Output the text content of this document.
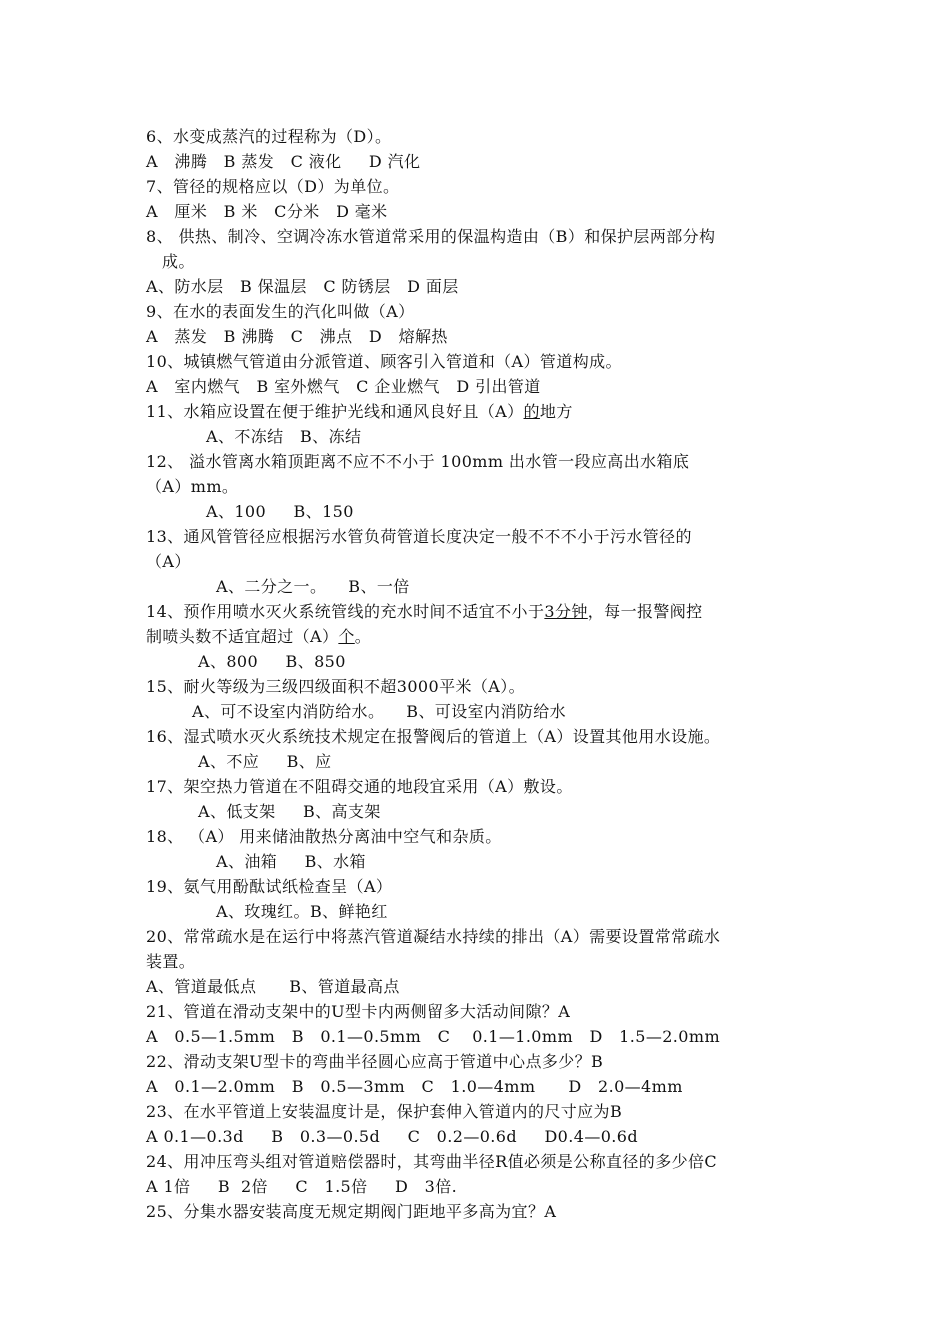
6、水变成蒸汽的过程称为（D）。
A   沸腾   B 蒸发   C 液化     D 汽化
7、管径的规格应以（D）为单位。
A   厘米   B 米   C分米   D 毫米
8、 供热、制冷、空调冷冻水管道常采用的保温构造由（B）和保护层两部分构
成。
A、防水层   B 保温层   C 防锈层   D 面层
9、在水的表面发生的汽化叫做（A）
A   蒸发   B 沸腾   C   沸点   D   熔解热
10、城镇燃气管道由分派管道、顾客引入管道和（A）管道构成。
A   室内燃气   B 室外燃气   C 企业燃气   D 引出管道
11、水箱应设置在便于维护光线和通风良好且（A）的地方
A、不冻结   B、冻结
12、 溢水管离水箱顶距离不应不不小于 100mm 出水管一段应高出水箱底
（A）mm。
A、100     B、150
13、通风管管径应根据污水管负荷管道长度决定一般不不不小于污水管径的
（A）
A、二分之一。    B、一倍
14、预作用喷水灭火系统管线的充水时间不适宜不小于3分钟，每一报警阀控
制喷头数不适宜超过（A）个。
A、800     B、850
15、耐火等级为三级四级面积不超3000平米（A）。
A、可不设室内消防给水。    B、可设室内消防给水
16、湿式喷水灭火系统技术规定在报警阀后的管道上（A）设置其他用水设施。
A、不应     B、应
17、架空热力管道在不阻碍交通的地段宜采用（A）敷设。
A、低支架     B、高支架
18、 （A） 用来储油散热分离油中空气和杂质。
A、油箱     B、水箱
19、氨气用酚酞试纸检查呈（A）
A、玫瑰红。B、鲜艳红
20、常常疏水是在运行中将蒸汽管道凝结水持续的排出（A）需要设置常常疏水
装置。
A、管道最低点      B、管道最高点
21、管道在滑动支架中的U型卡内两侧留多大活动间隙？A
A   0.5—1.5mm   B   0.1—0.5mm   C    0.1—1.0mm   D   1.5—2.0mm
22、滑动支架U型卡的弯曲半径圆心应高于管道中心点多少？B
A   0.1—2.0mm   B   0.5—3mm   C   1.0—4mm      D   2.0—4mm
23、在水平管道上安装温度计是，保护套伸入管道内的尺寸应为B
A 0.1—0.3d     B   0.3—0.5d     C   0.2—0.6d     D0.4—0.6d
24、用冲压弯头组对管道赔偿器时，其弯曲半径R值必须是公称直径的多少倍C
A 1倍     B  2倍     C   1.5倍     D   3倍.
25、分集水器安装高度无规定期阀门距地平多高为宜？A
